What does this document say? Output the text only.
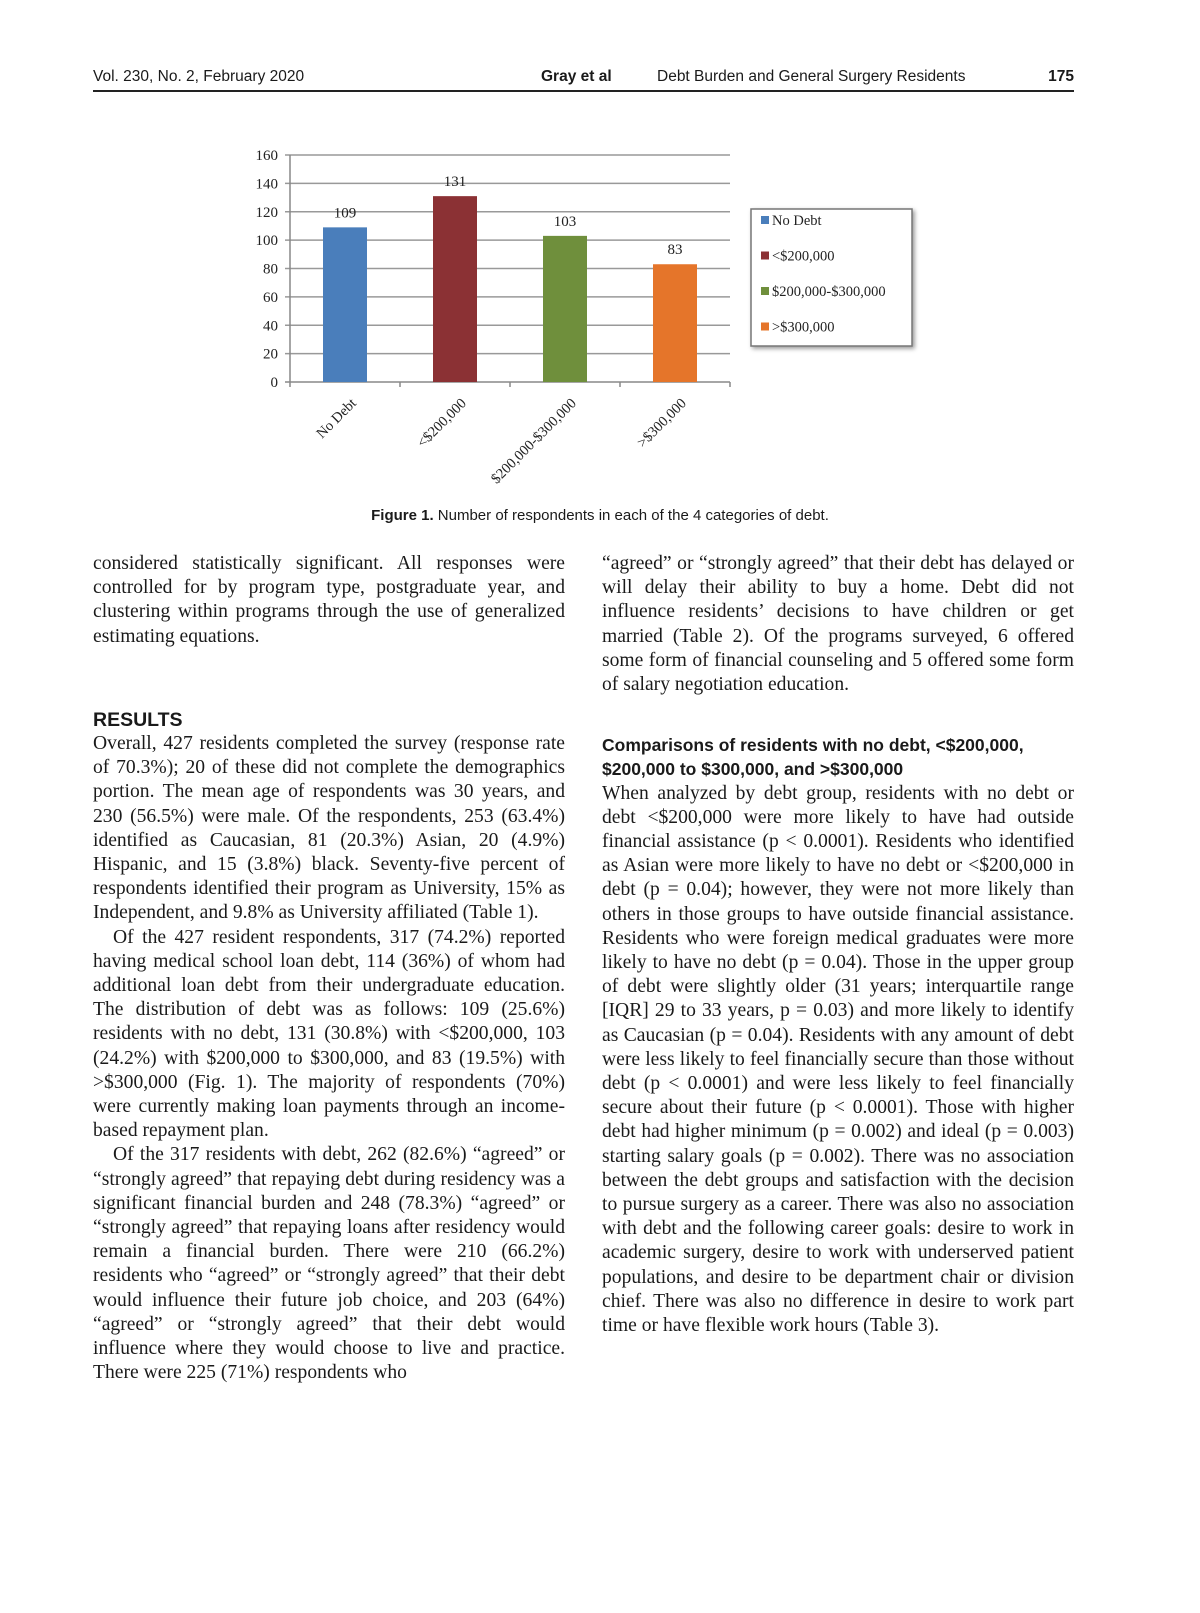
Vol. 230, No. 2, February 2020	Gray et al	Debt Burden and General Surgery Residents	175
0
20
40
60
80
100
120
140
160
109
131
103
83
No Debt	<$200,000 $200,000-$300,000	>$300,000
No Debt
<$200,000
$200,000-$300,000
>$300,000
Figure 1. Number of respondents in each of the 4 categories of debt.

considered statistically significant. All responses were controlled for by program type, postgraduate year, and clustering within programs through the use of generalized estimating equations.

RESULTS

Overall, 427 residents completed the survey (response rate of 70.3%); 20 of these did not complete the demographics portion. The mean age of respondents was 30 years, and 230 (56.5%) were male. Of the respondents, 253 (63.4%) identified as Caucasian, 81 (20.3%) Asian, 20 (4.9%) Hispanic, and 15 (3.8%) black. Seventy-five percent of respondents identified their program as University, 15% as Independent, and 9.8% as University affiliated (Table 1).

Of the 427 resident respondents, 317 (74.2%) reported having medical school loan debt, 114 (36%) of whom had additional loan debt from their undergraduate education. The distribution of debt was as follows: 109 (25.6%) residents with no debt, 131 (30.8%) with <$200,000, 103 (24.2%) with $200,000 to $300,000, and 83 (19.5%) with >$300,000 (Fig. 1). The majority of respondents (70%) were currently making loan payments through an income-based repayment plan.

Of the 317 residents with debt, 262 (82.6%) “agreed” or “strongly agreed” that repaying debt during residency was a significant financial burden and 248 (78.3%) “agreed” or “strongly agreed” that repaying loans after residency would remain a financial burden. There were 210 (66.2%) residents who “agreed” or “strongly agreed” that their debt would influence their future job choice, and 203 (64%) “agreed” or “strongly agreed” that their debt would influence where they would choose to live and practice. There were 225 (71%) respondents who

“agreed” or “strongly agreed” that their debt has delayed or will delay their ability to buy a home. Debt did not influence residents’ decisions to have children or get married (Table 2). Of the programs surveyed, 6 offered some form of financial counseling and 5 offered some form of salary negotiation education.

Comparisons of residents with no debt, <$200,000, $200,000 to $300,000, and >$300,000

When analyzed by debt group, residents with no debt or debt <$200,000 were more likely to have had outside financial assistance (p < 0.0001). Residents who identified as Asian were more likely to have no debt or <$200,000 in debt (p = 0.04); however, they were not more likely than others in those groups to have outside financial assistance. Residents who were foreign medical graduates were more likely to have no debt (p = 0.04). Those in the upper group of debt were slightly older (31 years; interquartile range [IQR] 29 to 33 years, p = 0.03) and more likely to identify as Caucasian (p = 0.04). Residents with any amount of debt were less likely to feel financially secure than those without debt (p < 0.0001) and were less likely to feel financially secure about their future (p < 0.0001). Those with higher debt had higher minimum (p = 0.002) and ideal (p = 0.003) starting salary goals (p = 0.002). There was no association between the debt groups and satisfaction with the decision to pursue surgery as a career. There was also no association with debt and the following career goals: desire to work in academic surgery, desire to work with underserved patient populations, and desire to be department chair or division chief. There was also no difference in desire to work part time or have flexible work hours (Table 3).
